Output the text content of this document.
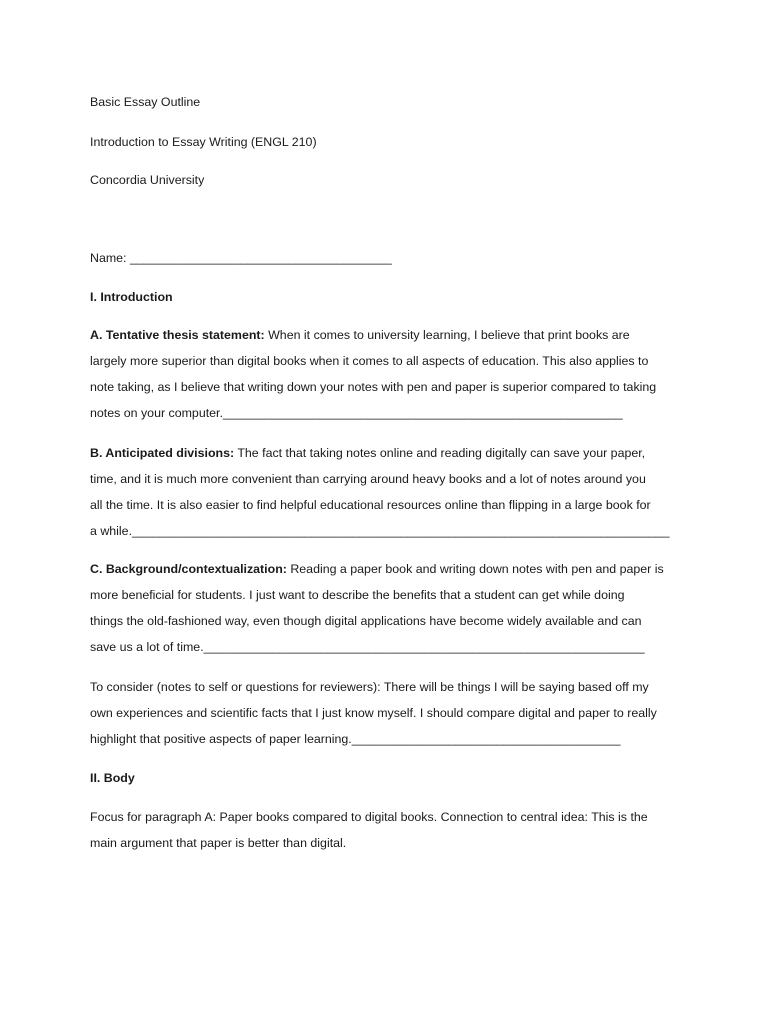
Basic Essay Outline

Introduction to Essay Writing (ENGL 210)

Concordia University

Name: ______________________________________

I. Introduction

A. Tentative thesis statement: When it comes to university learning, I believe that print books are
largely more superior than digital books when it comes to all aspects of education. This also applies to
note taking, as I believe that writing down your notes with pen and paper is superior compared to taking
notes on your computer.__________________________________________________________
B. Anticipated divisions: The fact that taking notes online and reading digitally can save your paper,
time, and it is much more convenient than carrying around heavy books and a lot of notes around you
all the time. It is also easier to find helpful educational resources online than flipping in a large book for
a while.______________________________________________________________________________
C. Background/contextualization: Reading a paper book and writing down notes with pen and paper is
more beneficial for students. I just want to describe the benefits that a student can get while doing
things the old-fashioned way, even though digital applications have become widely available and can
save us a lot of time.________________________________________________________________
To consider (notes to self or questions for reviewers): There will be things I will be saying based off my
own experiences and scientific facts that I just know myself. I should compare digital and paper to really
highlight that positive aspects of paper learning._______________________________________

II. Body

Focus for paragraph A: Paper books compared to digital books. Connection to central idea: This is the
main argument that paper is better than digital.
